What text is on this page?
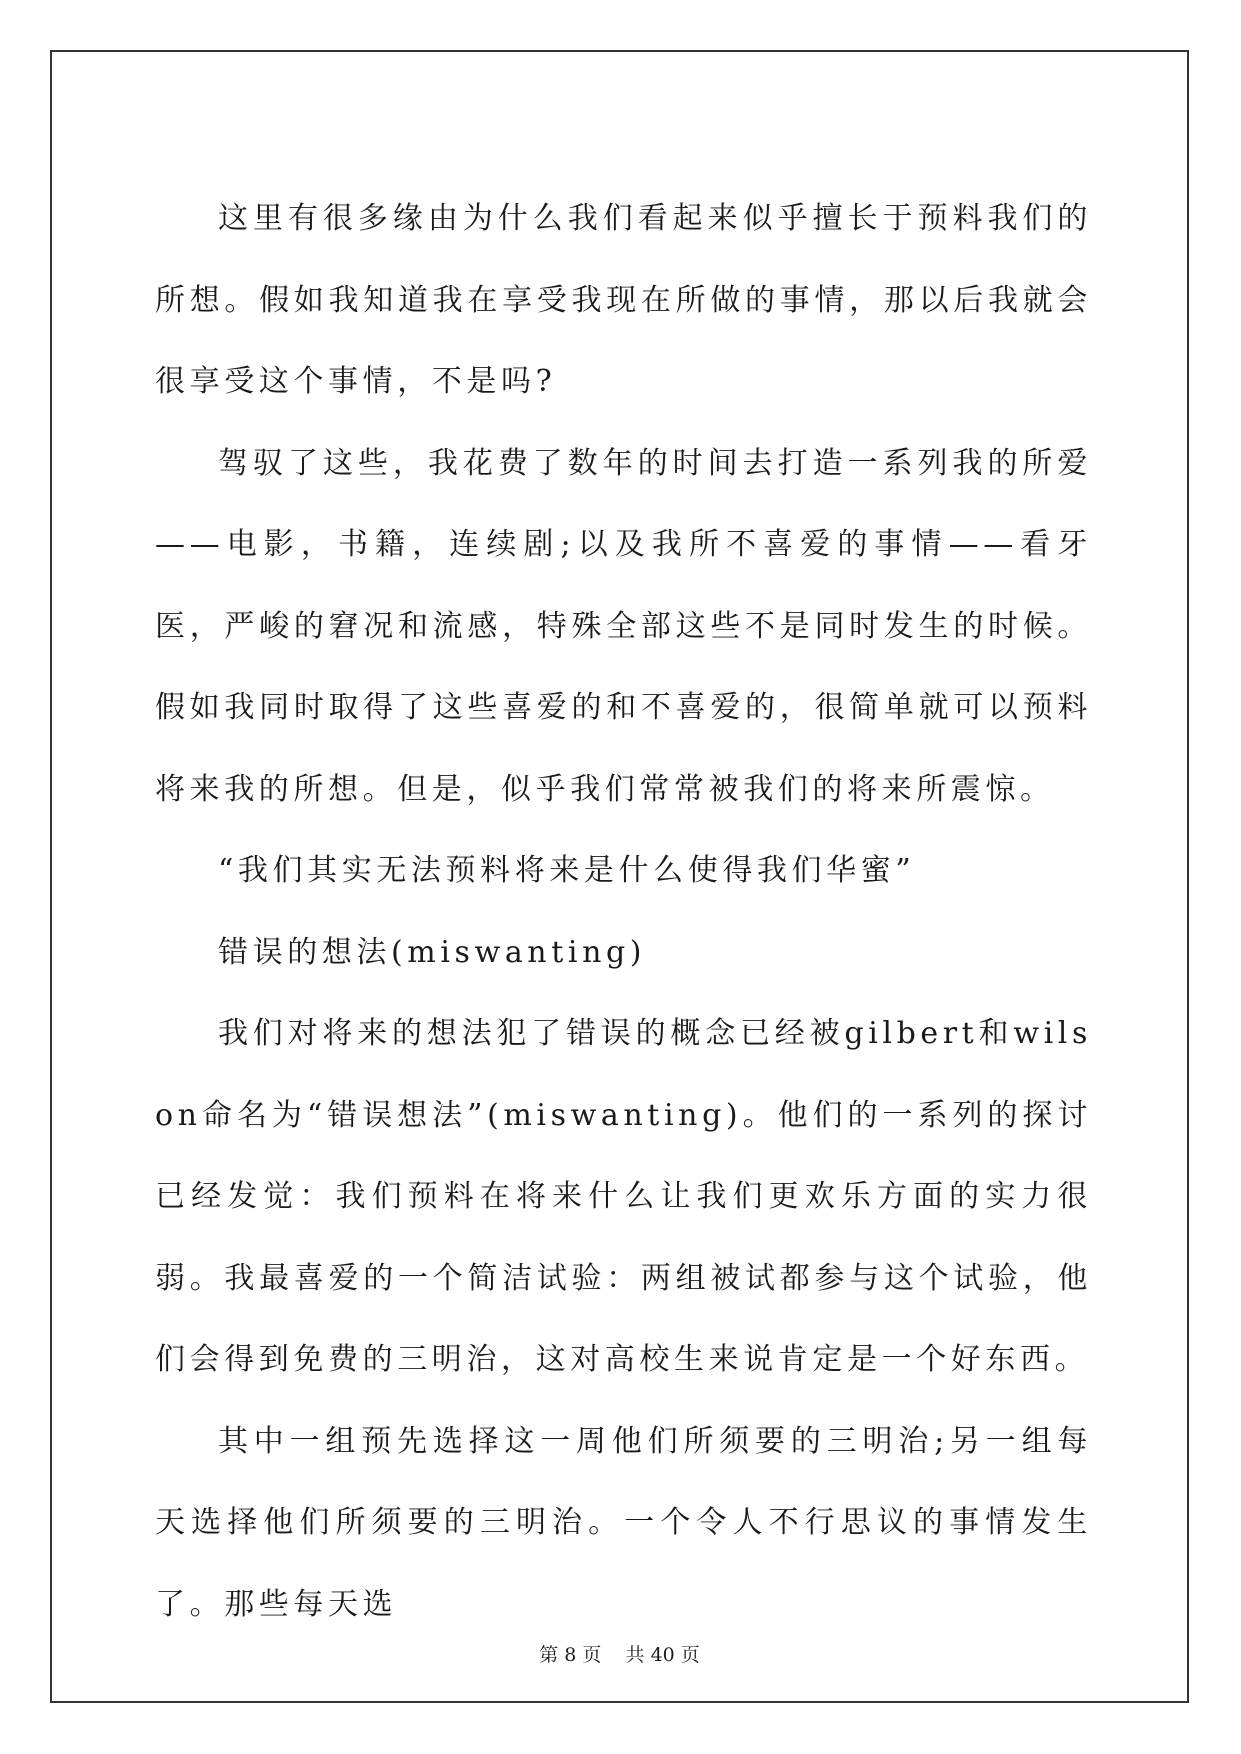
这里有很多缘由为什么我们看起来似乎擅长于预料我们的所想。假如我知道我在享受我现在所做的事情，那以后我就会很享受这个事情，不是吗?

驾驭了这些，我花费了数年的时间去打造一系列我的所爱——电影，书籍，连续剧;以及我所不喜爱的事情——看牙医，严峻的窘况和流感，特殊全部这些不是同时发生的时候。假如我同时取得了这些喜爱的和不喜爱的，很简单就可以预料将来我的所想。但是，似乎我们常常被我们的将来所震惊。

“我们其实无法预料将来是什么使得我们华蜜”

错误的想法(miswanting)

我们对将来的想法犯了错误的概念已经被gilbert和wilson命名为“错误想法”(miswanting)。他们的一系列的探讨已经发觉：我们预料在将来什么让我们更欢乐方面的实力很弱。我最喜爱的一个简洁试验：两组被试都参与这个试验，他们会得到免费的三明治，这对高校生来说肯定是一个好东西。

其中一组预先选择这一周他们所须要的三明治;另一组每天选择他们所须要的三明治。一个令人不行思议的事情发生了。那些每天选

第 8 页    共 40 页
